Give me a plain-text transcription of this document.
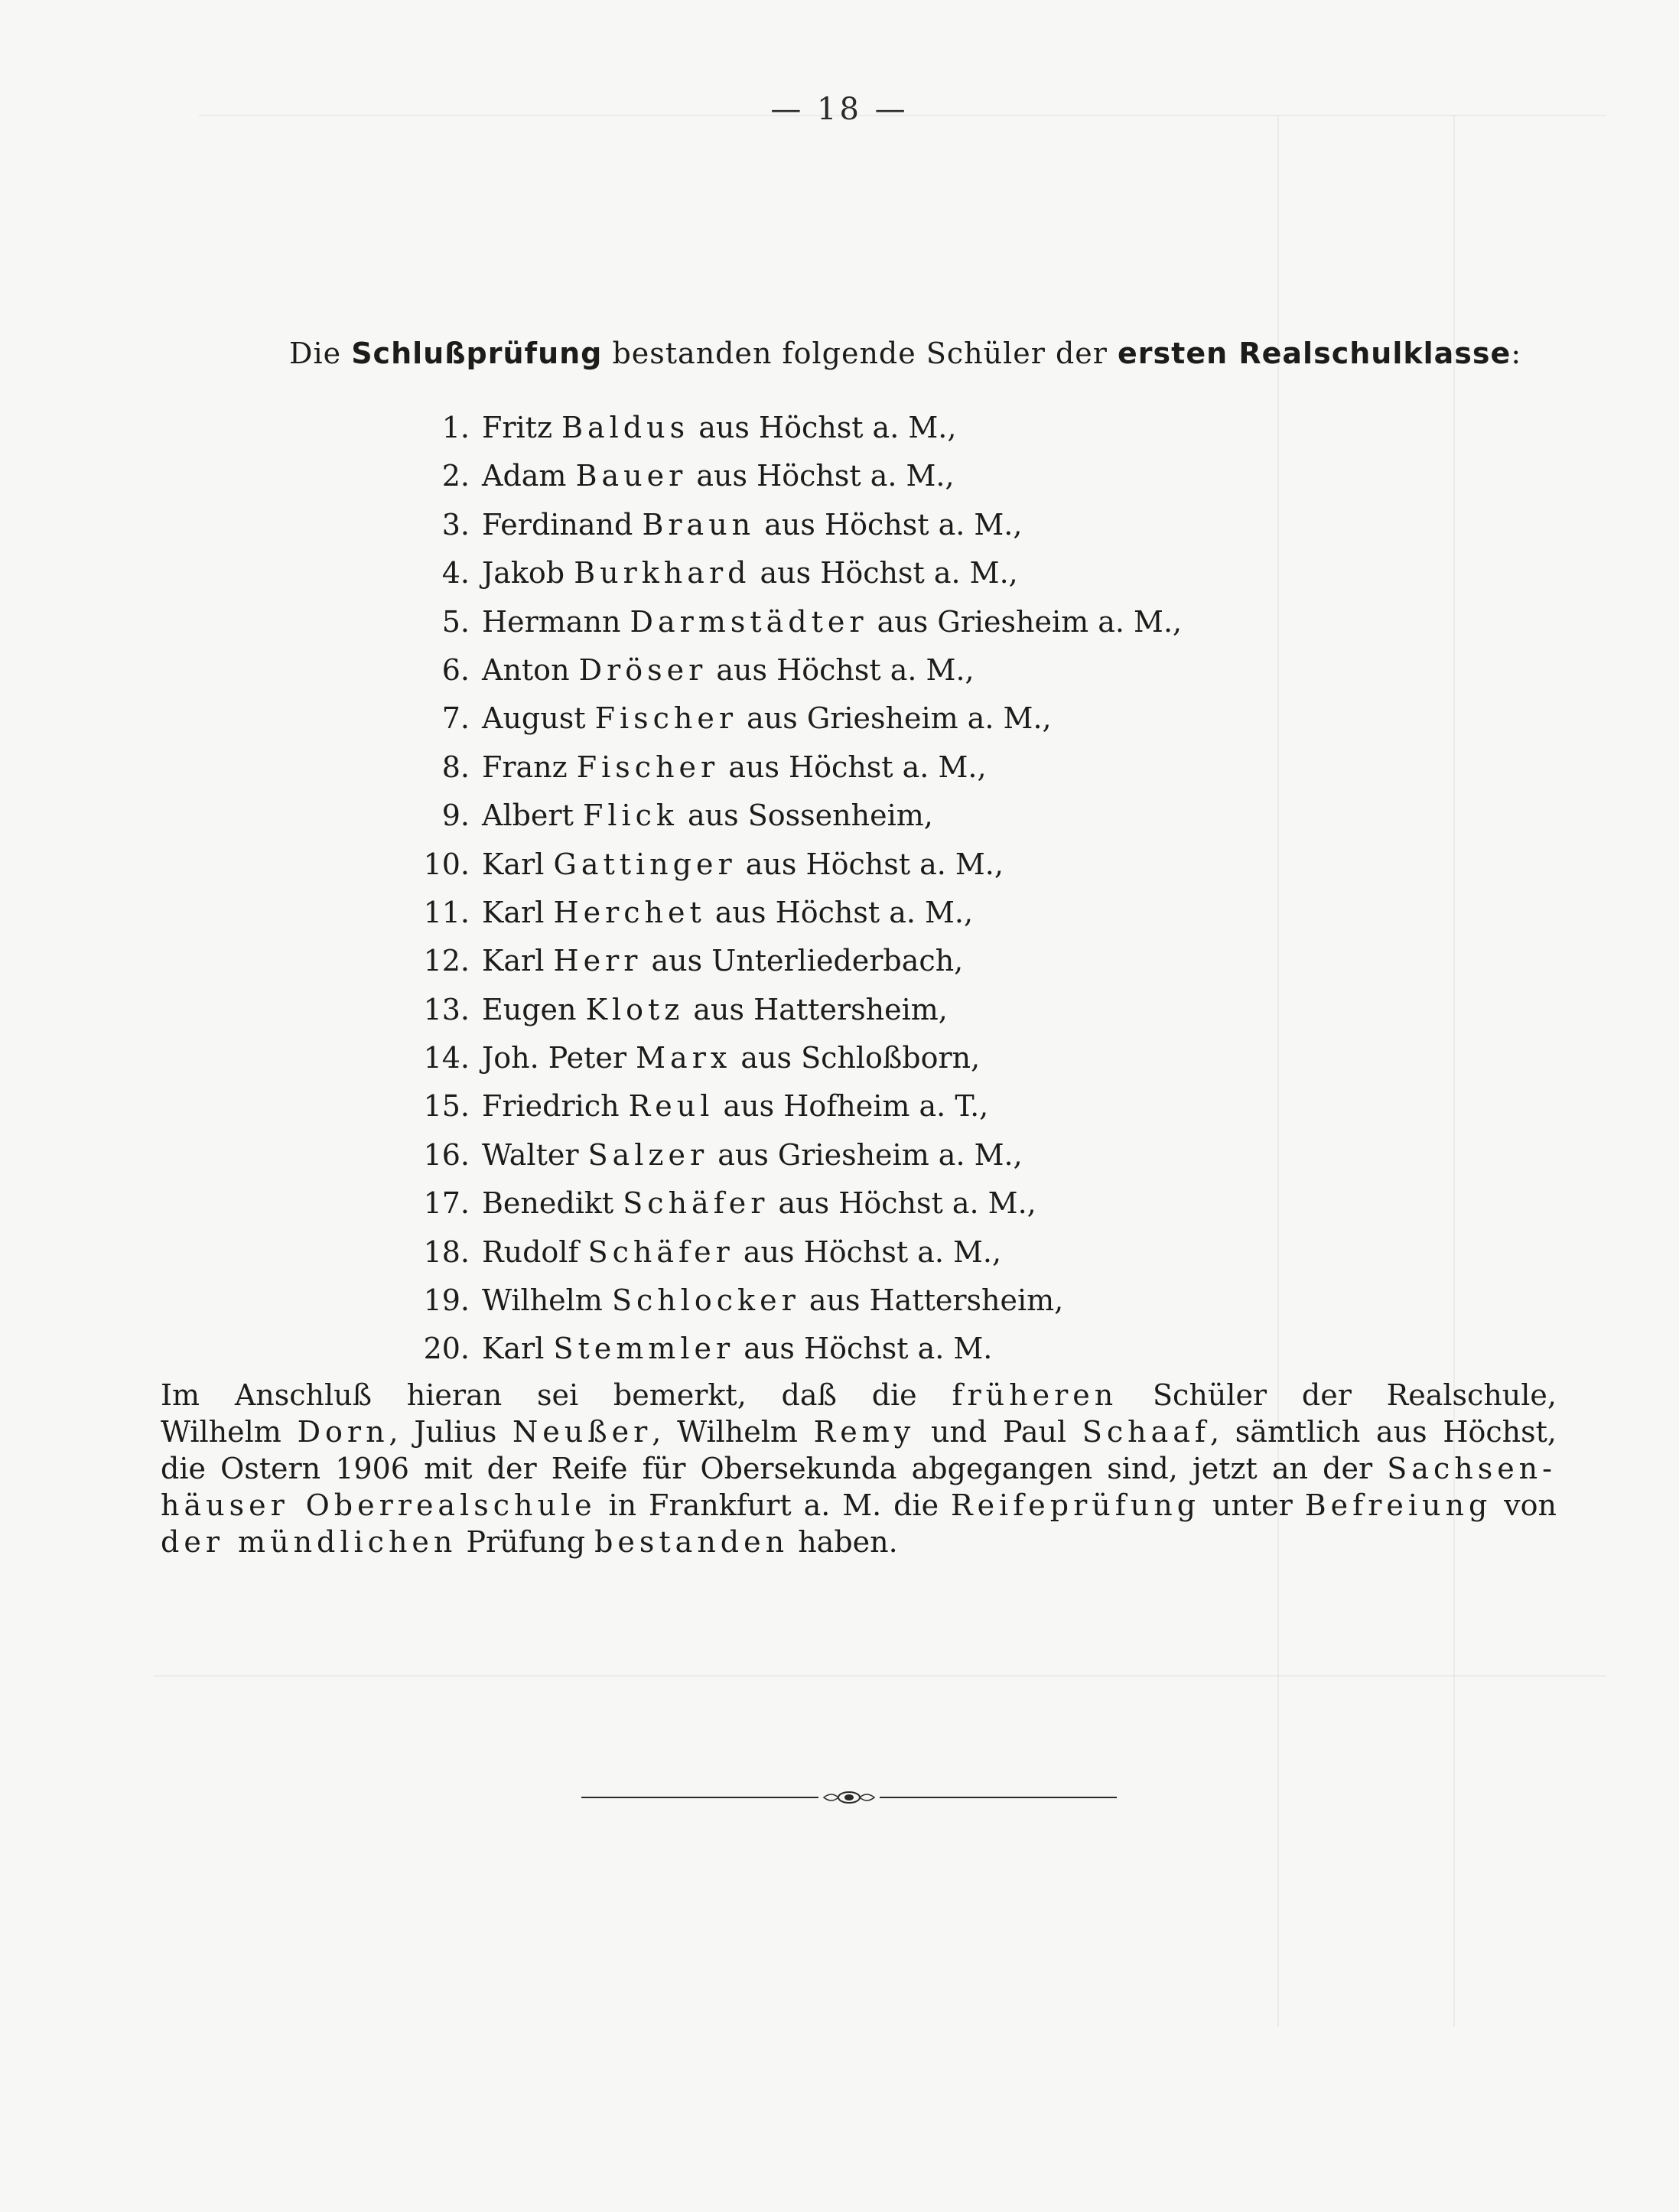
— 18 —
Die Schlußprüfung bestanden folgende Schüler der ersten Realschulklasse:
1. Fritz Baldus aus Höchst a. M.,
2. Adam Bauer aus Höchst a. M.,
3. Ferdinand Braun aus Höchst a. M.,
4. Jakob Burkhard aus Höchst a. M.,
5. Hermann Darmstädter aus Griesheim a. M.,
6. Anton Dröser aus Höchst a. M.,
7. August Fischer aus Griesheim a. M.,
8. Franz Fischer aus Höchst a. M.,
9. Albert Flick aus Sossenheim,
10. Karl Gattinger aus Höchst a. M.,
11. Karl Herchet aus Höchst a. M.,
12. Karl Herr aus Unterliederbach,
13. Eugen Klotz aus Hattersheim,
14. Joh. Peter Marx aus Schloßborn,
15. Friedrich Reul aus Hofheim a. T.,
16. Walter Salzer aus Griesheim a. M.,
17. Benedikt Schäfer aus Höchst a. M.,
18. Rudolf Schäfer aus Höchst a. M.,
19. Wilhelm Schlocker aus Hattersheim,
20. Karl Stemmler aus Höchst a. M.
Im Anschluß hieran sei bemerkt, daß die früheren Schüler der Realschule,
Wilhelm Dorn, Julius Neußer, Wilhelm Remy und Paul Schaaf, sämtlich aus Höchst,
die Ostern 1906 mit der Reife für Obersekunda abgegangen sind, jetzt an der Sachsen-
häuser Oberrealschule in Frankfurt a. M. die Reifeprüfung unter Befreiung von
der mündlichen Prüfung bestanden haben.
